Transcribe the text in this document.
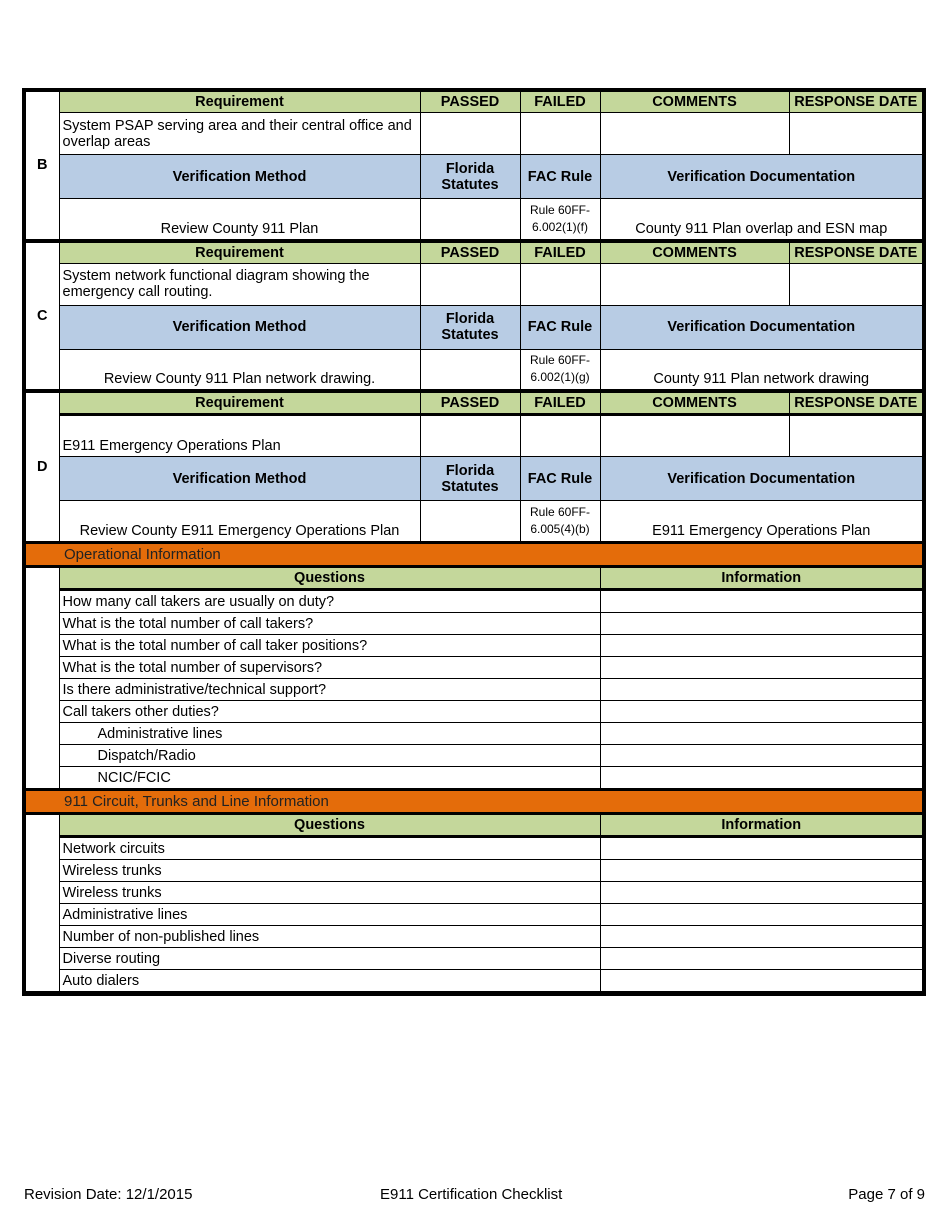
B	Requirement	PASSED	FAILED	COMMENTS	RESPONSE DATE
	System PSAP serving area and their central office and overlap areas				
	Verification Method	Florida Statutes	FAC Rule	Verification Documentation	
	Review County 911 Plan		Rule 60FF-6.002(1)(f)	County 911 Plan overlap and ESN map	
C	Requirement	PASSED	FAILED	COMMENTS	RESPONSE DATE
	System network functional diagram showing the emergency call routing.				
	Verification Method	Florida Statutes	FAC Rule	Verification Documentation	
	Review County 911 Plan network drawing.		Rule 60FF-6.002(1)(g)	County 911 Plan network drawing	
D	Requirement	PASSED	FAILED	COMMENTS	RESPONSE DATE
	E911 Emergency Operations Plan				
	Verification Method	Florida Statutes	FAC Rule	Verification Documentation	
	Review County E911 Emergency Operations Plan		Rule 60FF-6.005(4)(b)	E911 Emergency Operations Plan	
Operational Information					
	Questions			Information	
	How many call takers are usually on duty?				
	What is the total number of call takers?				
	What is the total number of call taker positions?				
	What is the total number of supervisors?				
	Is there administrative/technical support?				
	Call takers other duties?				
	Administrative lines				
	Dispatch/Radio				
	NCIC/FCIC				
911 Circuit, Trunks and Line Information					
	Questions			Information	
	Network circuits				
	Wireless trunks				
	Wireless trunks				
	Administrative lines				
	Number of non-published lines				
	Diverse routing				
	Auto dialers				
Revision Date: 12/1/2015	E911 Certification Checklist	Page 7 of 9
